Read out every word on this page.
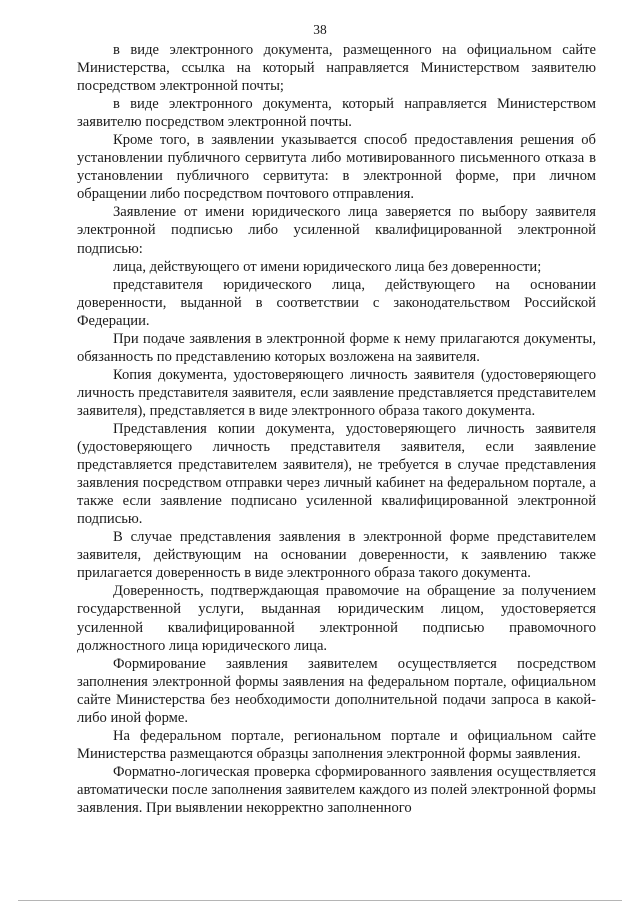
38

в виде электронного документа, размещенного на официальном сайте Министерства, ссылка на который направляется Министерством заявителю посредством электронной почты;

в виде электронного документа, который направляется Министерством заявителю посредством электронной почты.

Кроме того, в заявлении указывается способ предоставления решения об установлении публичного сервитута либо мотивированного письменного отказа в установлении публичного сервитута: в электронной форме, при личном обращении либо посредством почтового отправления.

Заявление от имени юридического лица заверяется по выбору заявителя электронной подписью либо усиленной квалифицированной электронной подписью:

лица, действующего от имени юридического лица без доверенности;

представителя юридического лица, действующего на основании доверенности, выданной в соответствии с законодательством Российской Федерации.

При подаче заявления в электронной форме к нему прилагаются документы, обязанность по представлению которых возложена на заявителя.

Копия документа, удостоверяющего личность заявителя (удостоверяющего личность представителя заявителя, если заявление представляется представителем заявителя), представляется в виде электронного образа такого документа.

Представления копии документа, удостоверяющего личность заявителя (удостоверяющего личность представителя заявителя, если заявление представляется представителем заявителя), не требуется в случае представления заявления посредством отправки через личный кабинет на федеральном портале, а также если заявление подписано усиленной квалифицированной электронной подписью.

В случае представления заявления в электронной форме представителем заявителя, действующим на основании доверенности, к заявлению также прилагается доверенность в виде электронного образа такого документа.

Доверенность, подтверждающая правомочие на обращение за получением государственной услуги, выданная юридическим лицом, удостоверяется усиленной квалифицированной электронной подписью правомочного должностного лица юридического лица.

Формирование заявления заявителем осуществляется посредством заполнения электронной формы заявления на федеральном портале, официальном сайте Министерства без необходимости дополнительной подачи запроса в какой-либо иной форме.

На федеральном портале, региональном портале и официальном сайте Министерства размещаются образцы заполнения электронной формы заявления.

Форматно-логическая проверка сформированного заявления осуществляется автоматически после заполнения заявителем каждого из полей электронной формы заявления. При выявлении некорректно заполненного
